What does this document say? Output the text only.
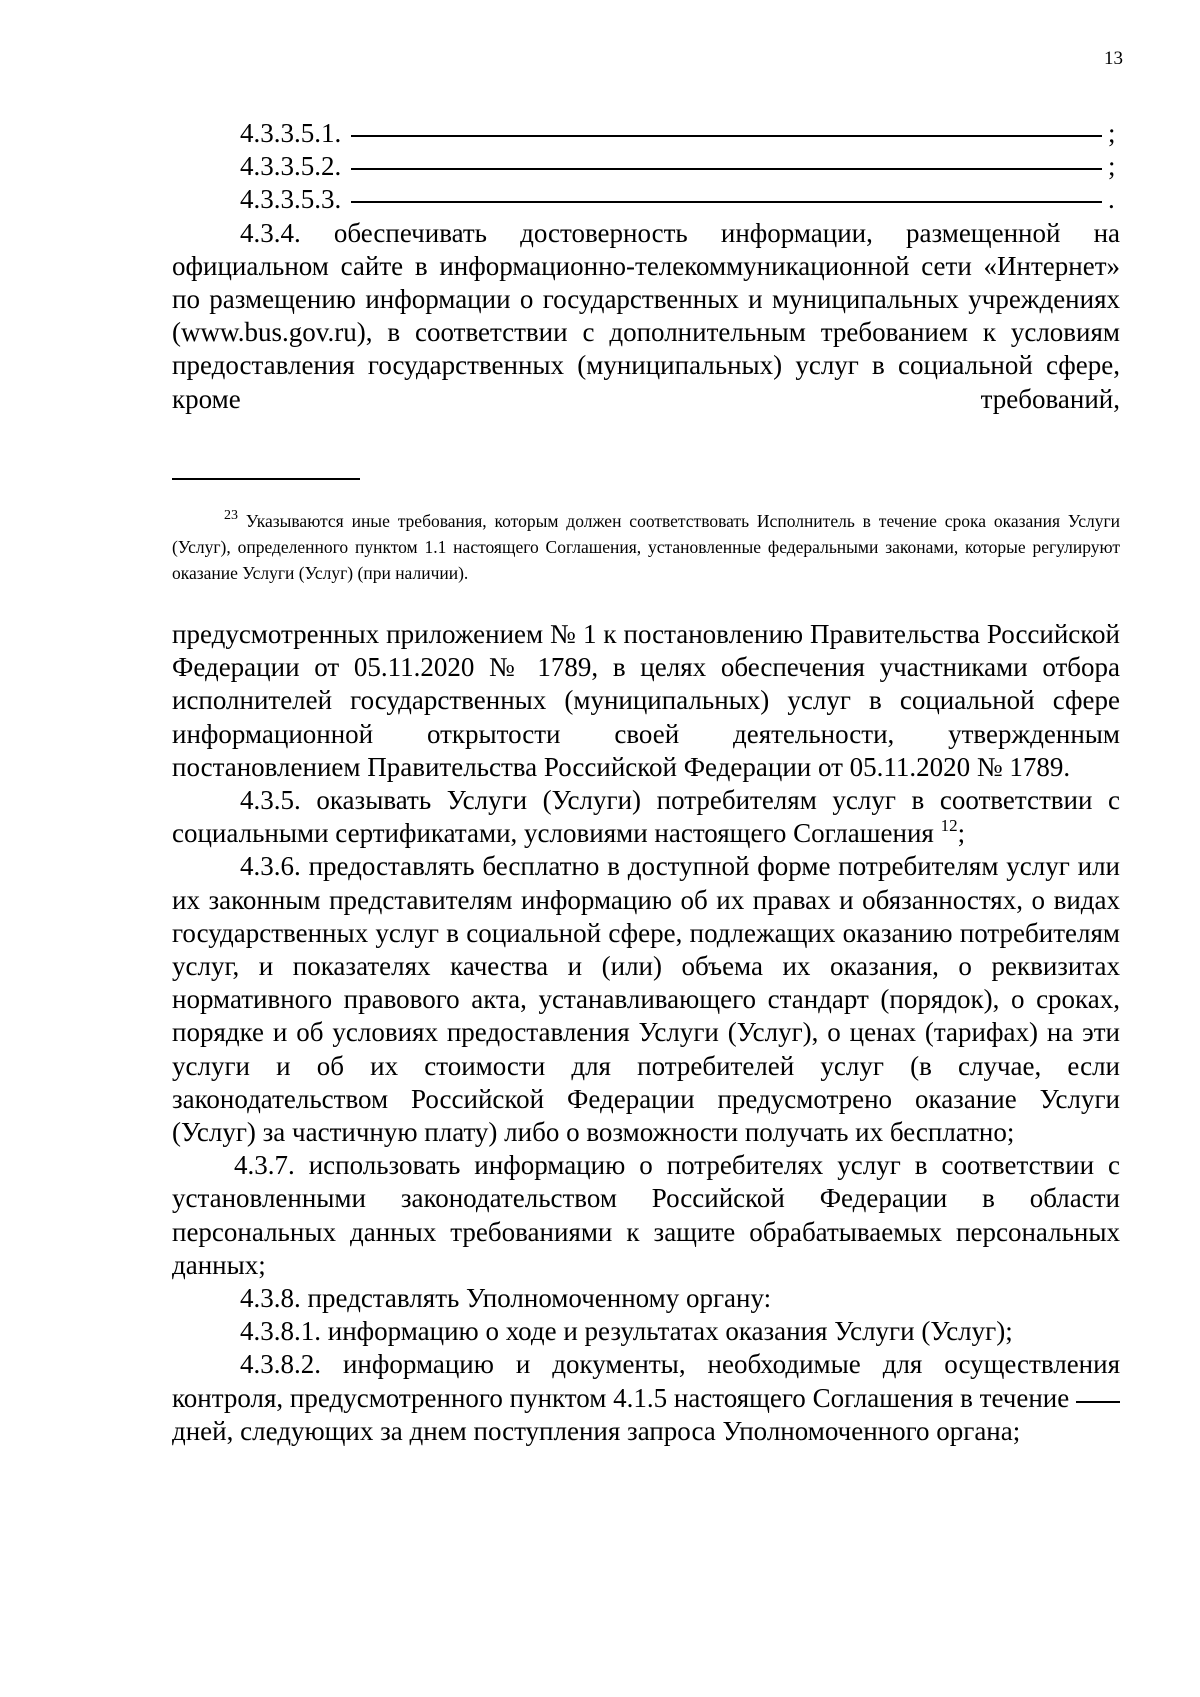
13
4.3.3.5.1.	;
4.3.3.5.2.	;
4.3.3.5.3.	.

4.3.4. обеспечивать достоверность информации, размещенной на официальном сайте в информационно-телекоммуникационной сети «Интернет» по размещению информации о государственных и муниципальных учреждениях (www.bus.gov.ru), в соответствии с дополнительным требованием к условиям предоставления государственных (муниципальных) услуг в социальной сфере, кроме требований,

$^{23}$ Указываются иные требования, которым должен соответствовать Исполнитель в течение срока оказания Услуги (Услуг), определенного пунктом 1.1 настоящего Соглашения, установленные федеральными законами, которые регулируют оказание Услуги (Услуг) (при наличии).

предусмотренных приложением № 1 к постановлению Правительства Российской Федерации от 05.11.2020 № 1789, в целях обеспечения участниками отбора исполнителей государственных (муниципальных) услуг в социальной сфере информационной открытости своей деятельности, утвержденным постановлением Правительства Российской Федерации от 05.11.2020 № 1789.

4.3.5. оказывать Услуги (Услуги) потребителям услуг в соответствии с социальными сертификатами, условиями настоящего Соглашения $^{12}$;

4.3.6. предоставлять бесплатно в доступной форме потребителям услуг или их законным представителям информацию об их правах и обязанностях, о видах государственных услуг в социальной сфере, подлежащих оказанию потребителям услуг, и показателях качества и (или) объема их оказания, о реквизитах нормативного правового акта, устанавливающего стандарт (порядок), о сроках, порядке и об условиях предоставления Услуги (Услуг), о ценах (тарифах) на эти услуги и об их стоимости для потребителей услуг (в случае, если законодательством Российской Федерации предусмотрено оказание Услуги (Услуг) за частичную плату) либо о возможности получать их бесплатно;

4.3.7. использовать информацию о потребителях услуг в соответствии с установленными законодательством Российской Федерации в области персональных данных требованиями к защите обрабатываемых персональных данных;

4.3.8. представлять Уполномоченному органу:

4.3.8.1. информацию о ходе и результатах оказания Услуги (Услуг);

4.3.8.2. информацию и документы, необходимые для осуществления контроля, предусмотренного пунктом 4.1.5 настоящего Соглашения в течение  дней, следующих за днем поступления запроса Уполномоченного органа;
